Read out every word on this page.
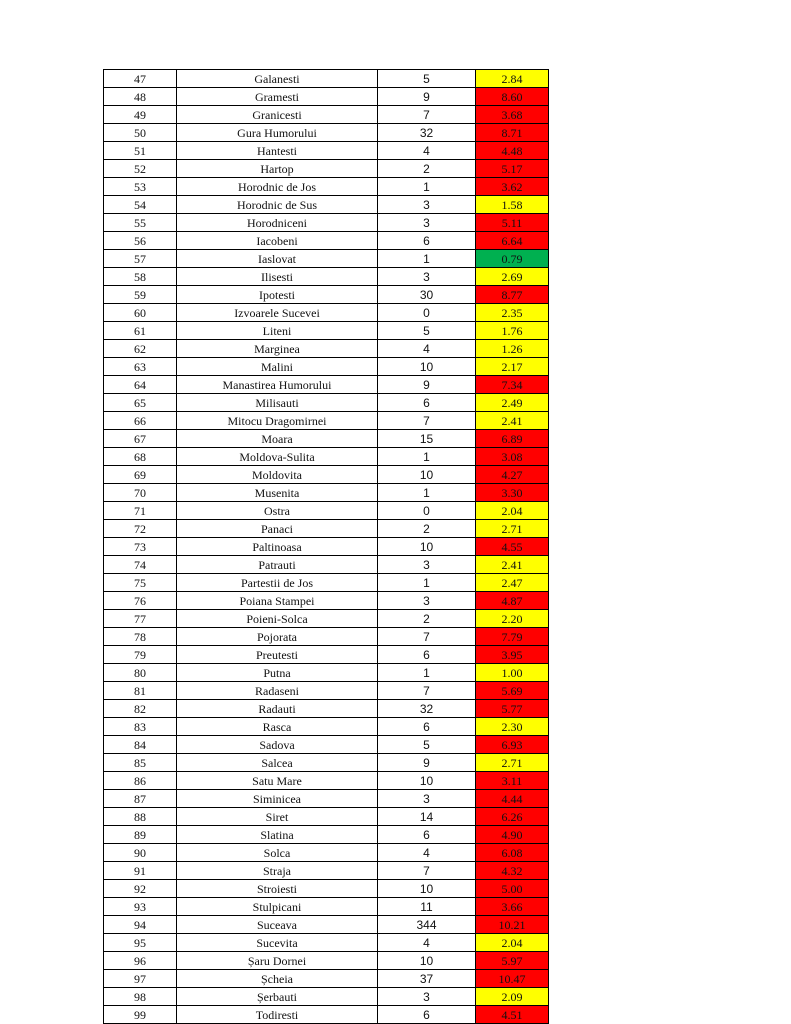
47	Galanesti	5	2.84
48	Gramesti	9	8.60
49	Granicesti	7	3.68
50	Gura Humorului	32	8.71
51	Hantesti	4	4.48
52	Hartop	2	5.17
53	Horodnic de Jos	1	3.62
54	Horodnic de Sus	3	1.58
55	Horodniceni	3	5.11
56	Iacobeni	6	6.64
57	Iaslovat	1	0.79
58	Ilisesti	3	2.69
59	Ipotesti	30	8.77
60	Izvoarele Sucevei	0	2.35
61	Liteni	5	1.76
62	Marginea	4	1.26
63	Malini	10	2.17
64	Manastirea Humorului	9	7.34
65	Milisauti	6	2.49
66	Mitocu Dragomirnei	7	2.41
67	Moara	15	6.89
68	Moldova-Sulita	1	3.08
69	Moldovita	10	4.27
70	Musenita	1	3.30
71	Ostra	0	2.04
72	Panaci	2	2.71
73	Paltinoasa	10	4.55
74	Patrauti	3	2.41
75	Partestii de Jos	1	2.47
76	Poiana Stampei	3	4.87
77	Poieni-Solca	2	2.20
78	Pojorata	7	7.79
79	Preutesti	6	3.95
80	Putna	1	1.00
81	Radaseni	7	5.69
82	Radauti	32	5.77
83	Rasca	6	2.30
84	Sadova	5	6.93
85	Salcea	9	2.71
86	Satu Mare	10	3.11
87	Siminicea	3	4.44
88	Siret	14	6.26
89	Slatina	6	4.90
90	Solca	4	6.08
91	Straja	7	4.32
92	Stroiesti	10	5.00
93	Stulpicani	11	3.66
94	Suceava	344	10.21
95	Sucevita	4	2.04
96	Șaru Dornei	10	5.97
97	Șcheia	37	10.47
98	Șerbauti	3	2.09
99	Todiresti	6	4.51
